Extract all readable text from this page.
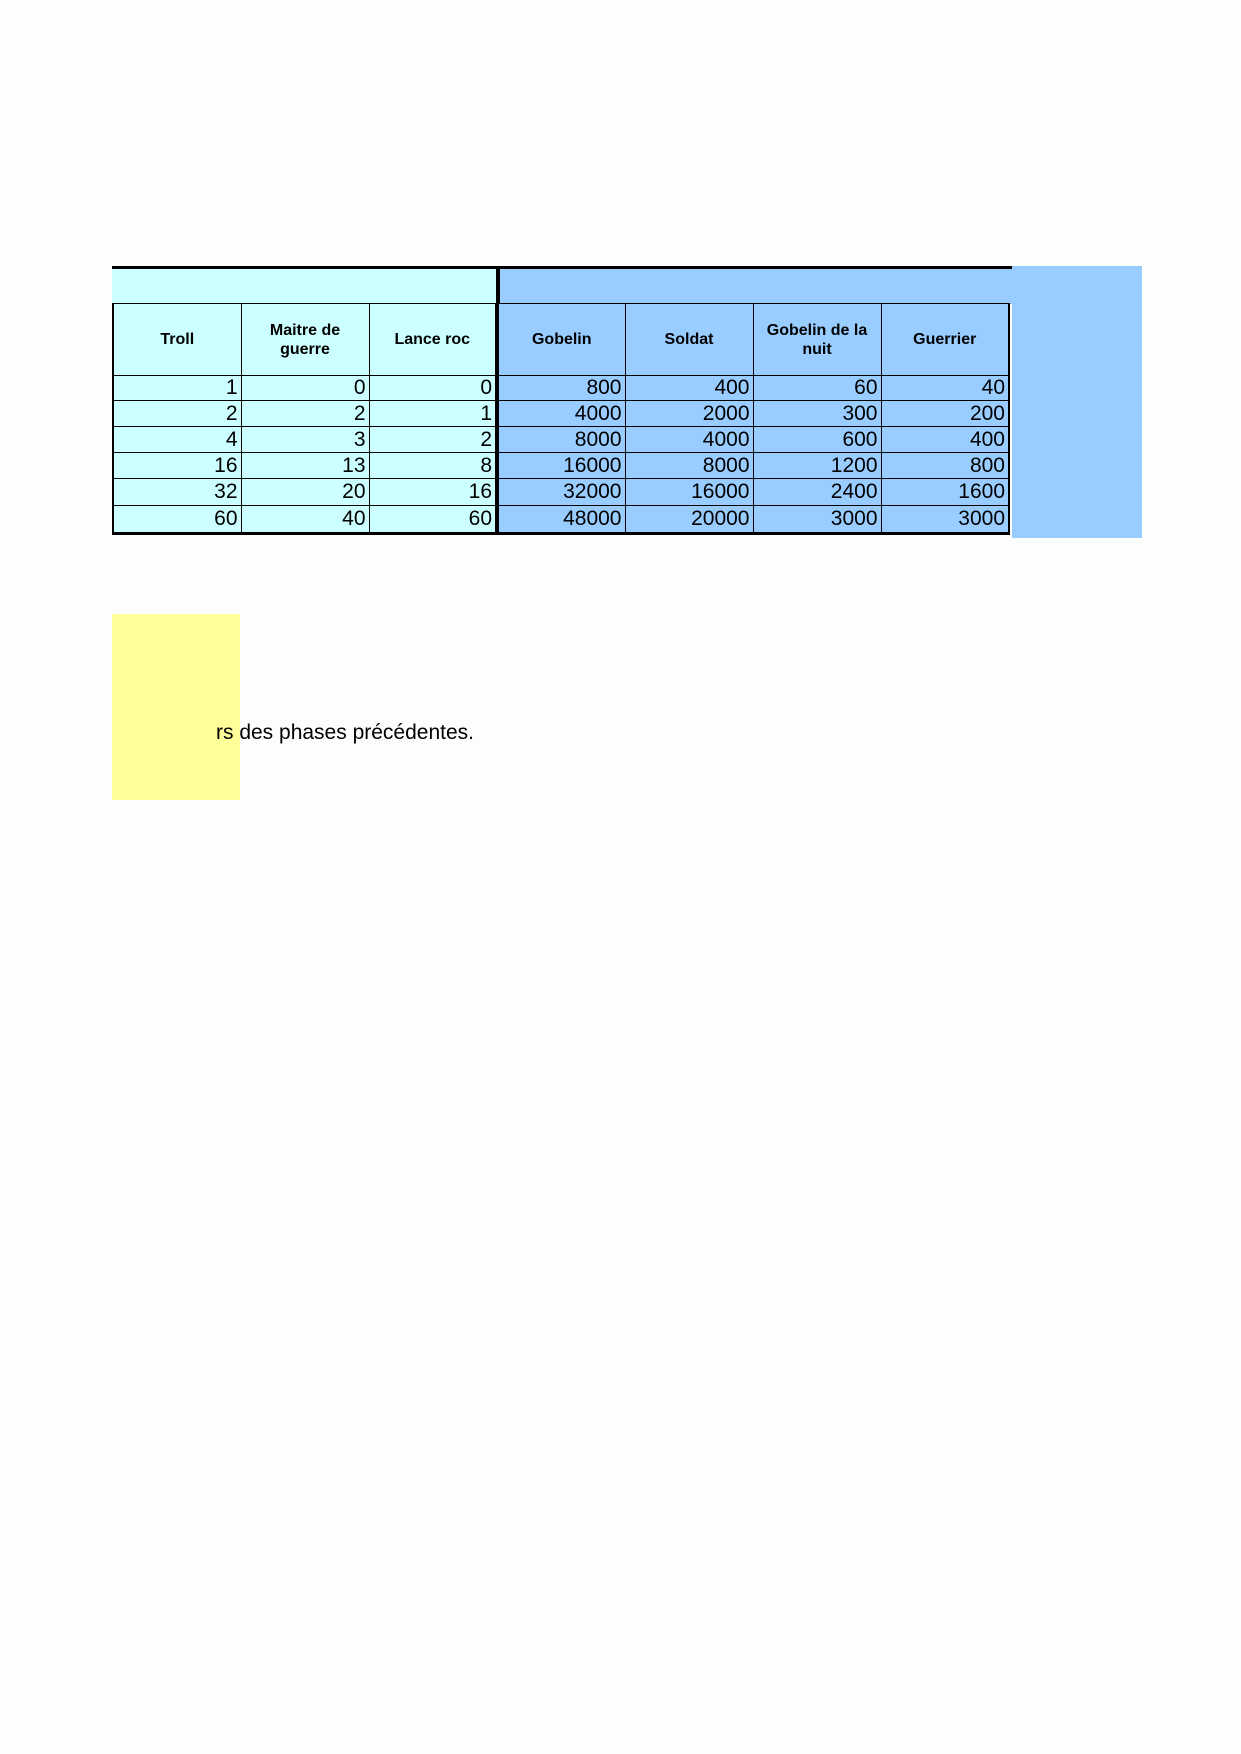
Troll	Maitre de guerre	Lance roc	Gobelin	Soldat	Gobelin de la nuit	Guerrier
1	0	0	800	400	60	40
2	2	1	4000	2000	300	200
4	3	2	8000	4000	600	400
16	13	8	16000	8000	1200	800
32	20	16	32000	16000	2400	1600
60	40	60	48000	20000	3000	3000
rs des phases précédentes.
